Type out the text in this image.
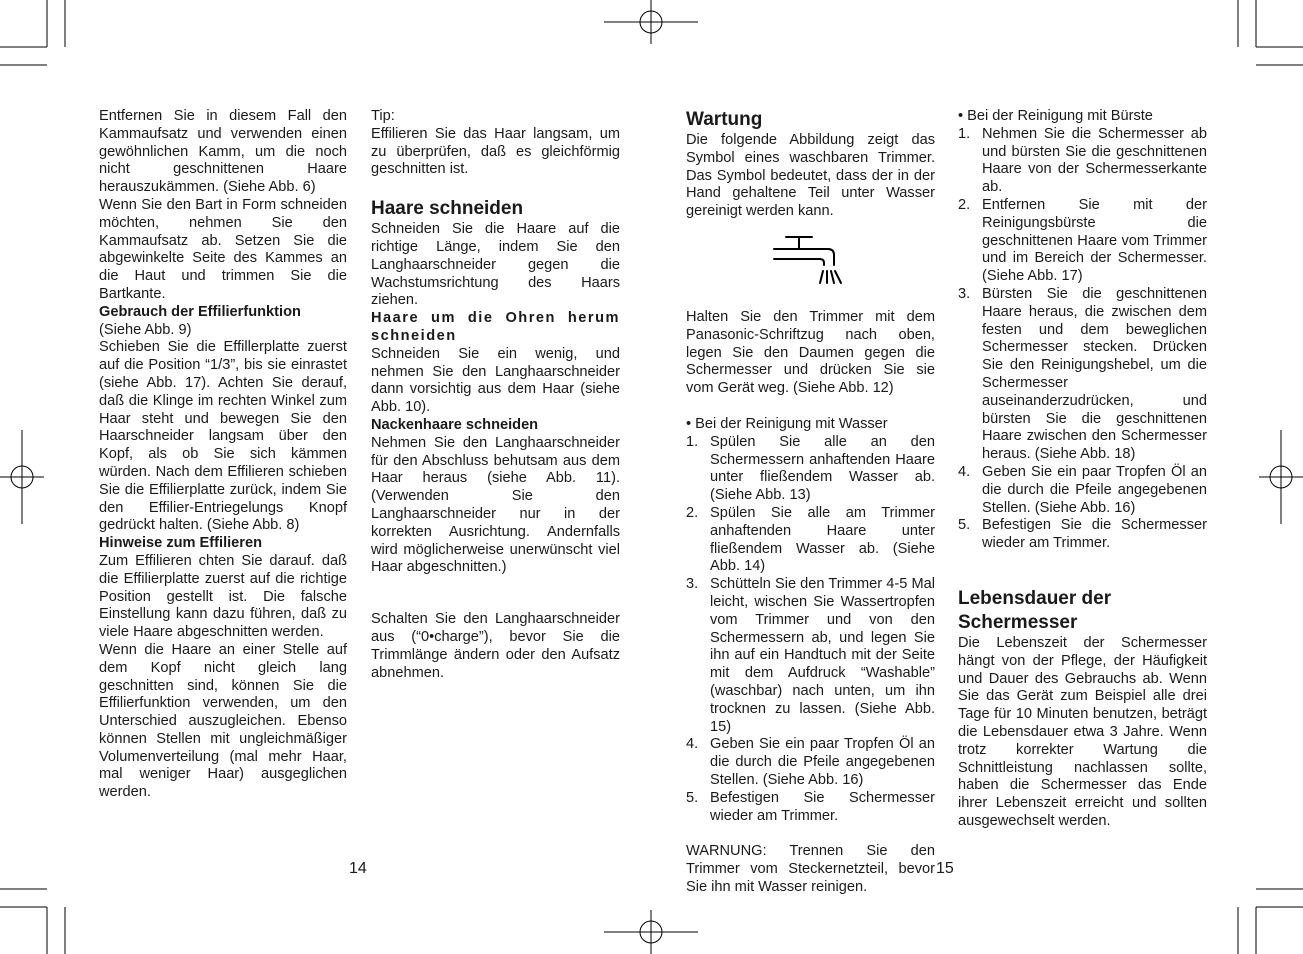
Entfernen Sie in diesem Fall den Kammaufsatz und verwenden einen gewöhnlichen Kamm, um die noch nicht geschnittenen Haare herauszukämmen. (Siehe Abb. 6)

Wenn Sie den Bart in Form schneiden möchten, nehmen Sie den Kammaufsatz ab. Setzen Sie die abgewinkelte Seite des Kammes an die Haut und trimmen Sie die Bartkante.

Gebrauch der Effilierfunktion

(Siehe Abb. 9)

Schieben Sie die Effillerplatte zuerst auf die Position “1/3”, bis sie einrastet (siehe Abb. 17). Achten Sie derauf, daß die Klinge im rechten Winkel zum Haar steht und bewegen Sie den Haarschneider langsam über den Kopf, als ob Sie sich kämmen würden. Nach dem Effilieren schieben Sie die Effilierplatte zurück, indem Sie den Effilier-Entriegelungs Knopf gedrückt halten. (Siehe Abb. 8)

Hinweise zum Effilieren

Zum Effilieren chten Sie darauf. daß die Effilierplatte zuerst auf die richtige Position gestellt ist. Die falsche Einstellung kann dazu führen, daß zu viele Haare abgeschnitten werden.

Wenn die Haare an einer Stelle auf dem Kopf nicht gleich lang geschnitten sind, können Sie die Effilierfunktion verwenden, um den Unterschied auszugleichen. Ebenso können Stellen mit ungleichmäßiger Volumenverteilung (mal mehr Haar, mal weniger Haar) ausgeglichen werden.

Tip:

Effilieren Sie das Haar langsam, um zu überprüfen, daß es gleichförmig geschnitten ist.

Haare schneiden

Schneiden Sie die Haare auf die richtige Länge, indem Sie den Langhaarschneider gegen die Wachstumsrichtung des Haars ziehen.

Haare um die Ohren herum schneiden

Schneiden Sie ein wenig, und nehmen Sie den Langhaarschneider dann vorsichtig aus dem Haar (siehe Abb. 10).

Nackenhaare schneiden

Nehmen Sie den Langhaarschneider für den Abschluss behutsam aus dem Haar heraus (siehe Abb. 11). (Verwenden Sie den Langhaarschneider nur in der korrekten Ausrichtung. Andernfalls wird möglicherweise unerwünscht viel Haar abgeschnitten.)

Schalten Sie den Langhaarschneider aus (“0•charge”), bevor Sie die Trimmlänge ändern oder den Aufsatz abnehmen.

Wartung

Die folgende Abbildung zeigt das Symbol eines waschbaren Trimmer. Das Symbol bedeutet, dass der in der Hand gehaltene Teil unter Wasser gereinigt werden kann.

Halten Sie den Trimmer mit dem Panasonic-Schriftzug nach oben, legen Sie den Daumen gegen die Schermesser und drücken Sie sie vom Gerät weg. (Siehe Abb. 12)

• Bei der Reinigung mit Wasser

1. Spülen Sie alle an den Schermessern anhaftenden Haare unter fließendem Wasser ab. (Siehe Abb. 13)
2. Spülen Sie alle am Trimmer anhaftenden Haare unter fließendem Wasser ab. (Siehe Abb. 14)
3. Schütteln Sie den Trimmer 4-5 Mal leicht, wischen Sie Wassertropfen vom Trimmer und von den Schermessern ab, und legen Sie ihn auf ein Handtuch mit der Seite mit dem Aufdruck “Washable” (waschbar) nach unten, um ihn trocknen zu lassen. (Siehe Abb. 15)
4. Geben Sie ein paar Tropfen Öl an die durch die Pfeile angegebenen Stellen. (Siehe Abb. 16)
5. Befestigen Sie Schermesser wieder am Trimmer.

WARNUNG: Trennen Sie den Trimmer vom Steckernetzteil, bevor Sie ihn mit Wasser reinigen.

• Bei der Reinigung mit Bürste

1. Nehmen Sie die Schermesser ab und bürsten Sie die geschnittenen Haare von der Schermesserkante ab.
2. Entfernen Sie mit der Reinigungsbürste die geschnittenen Haare vom Trimmer und im Bereich der Schermesser. (Siehe Abb. 17)
3. Bürsten Sie die geschnittenen Haare heraus, die zwischen dem festen und dem beweglichen Schermesser stecken. Drücken Sie den Reinigungshebel, um die Schermesser auseinanderzudrücken, und bürsten Sie die geschnittenen Haare zwischen den Schermesser heraus. (Siehe Abb. 18)
4. Geben Sie ein paar Tropfen Öl an die durch die Pfeile angegebenen Stellen. (Siehe Abb. 16)
5. Befestigen Sie die Schermesser wieder am Trimmer.
Lebensdauer der Schermesser

Die Lebenszeit der Schermesser hängt von der Pflege, der Häufigkeit und Dauer des Gebrauchs ab. Wenn Sie das Gerät zum Beispiel alle drei Tage für 10 Minuten benutzen, beträgt die Lebensdauer etwa 3 Jahre. Wenn trotz korrekter Wartung die Schnittleistung nachlassen sollte, haben die Schermesser das Ende ihrer Lebenszeit erreicht und sollten ausgewechselt werden.

14	15
